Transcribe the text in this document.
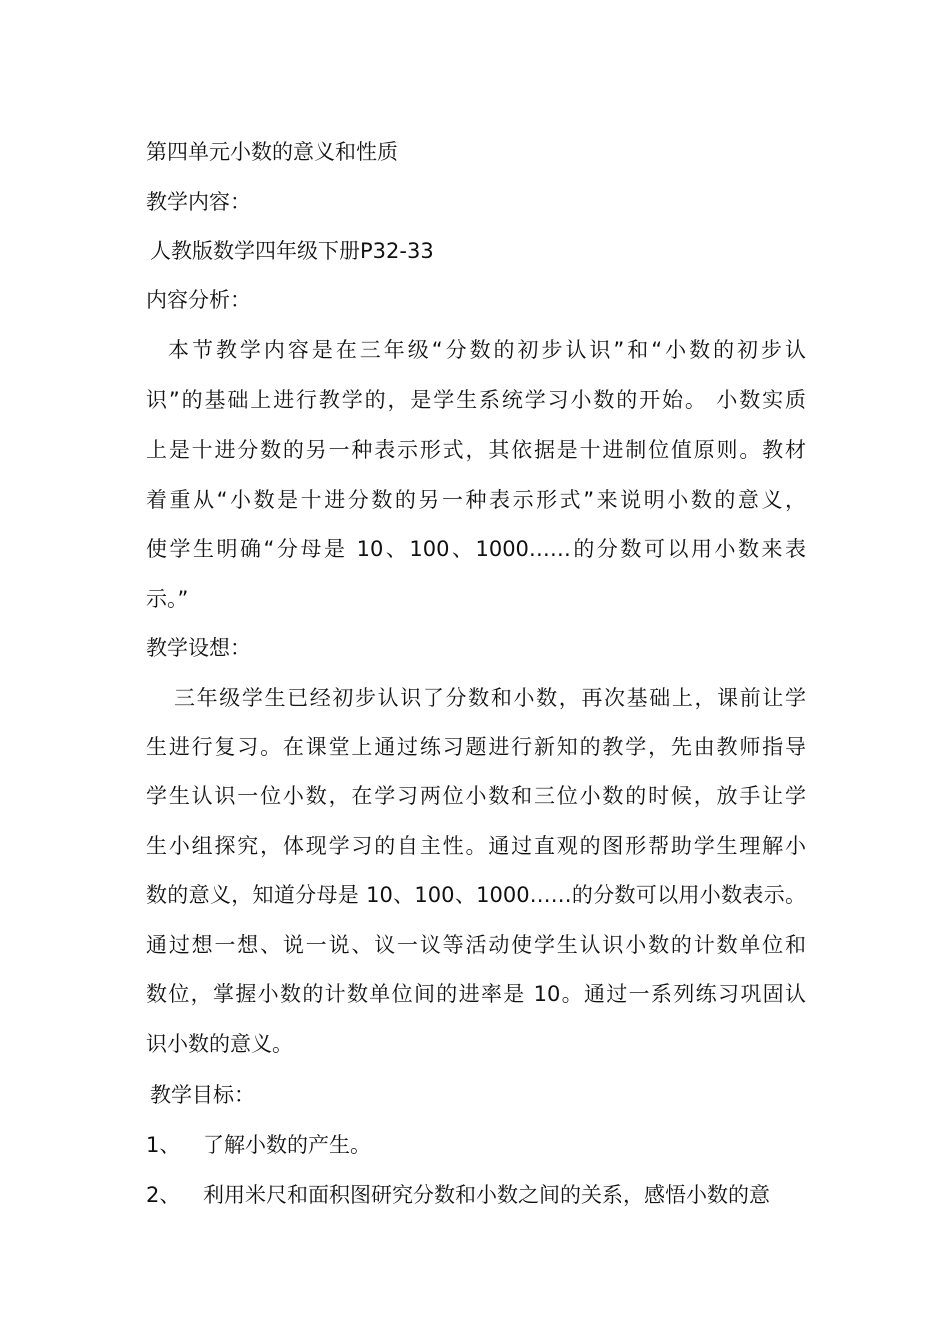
第四单元小数的意义和性质
教学内容：
人教版数学四年级下册P32-33
内容分析：
本节教学内容是在三年级“分数的初步认识”和“小数的初步认
识”的基础上进行教学的，是学生系统学习小数的开始。 小数实质
上是十进分数的另一种表示形式，其依据是十进制位值原则。教材
着重从“小数是十进分数的另一种表示形式”来说明小数的意义，
使学生明确“分母是 10、100、1000……的分数可以用小数来表
示。”
教学设想：
三年级学生已经初步认识了分数和小数，再次基础上，课前让学
生进行复习。在课堂上通过练习题进行新知的教学，先由教师指导
学生认识一位小数，在学习两位小数和三位小数的时候，放手让学
生小组探究，体现学习的自主性。通过直观的图形帮助学生理解小
数的意义，知道分母是 10、100、1000……的分数可以用小数表示。
通过想一想、说一说、议一议等活动使学生认识小数的计数单位和
数位，掌握小数的计数单位间的进率是 10。通过一系列练习巩固认
识小数的意义。
教学目标：
1、 了解小数的产生。
2、 利用米尺和面积图研究分数和小数之间的关系，感悟小数的意
